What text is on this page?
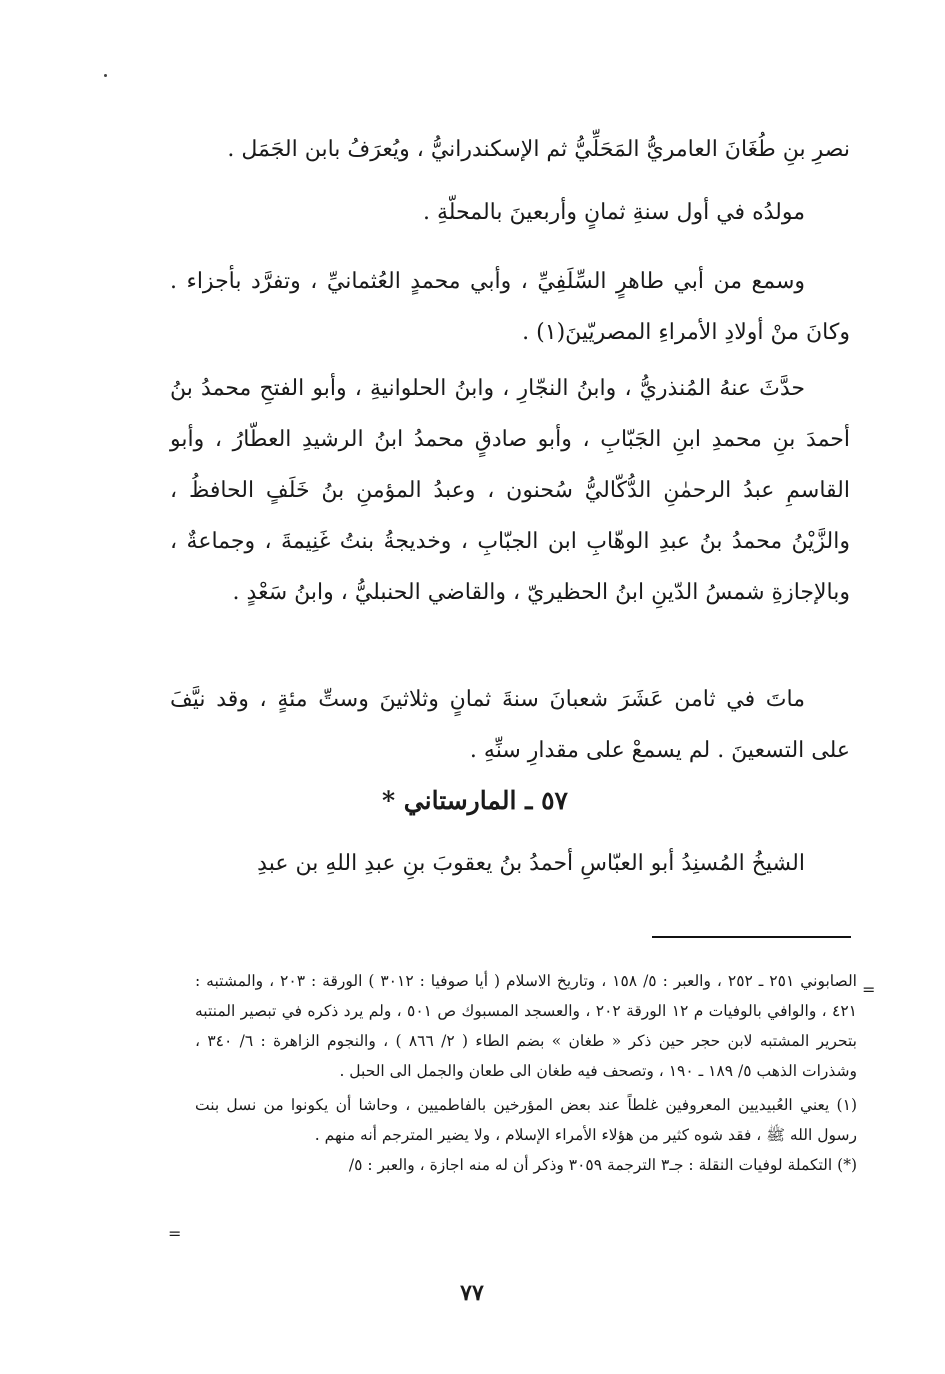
نصرِ بنِ طُغَانَ العامريُّ المَحَلِّيُّ ثم الإسكندرانيُّ ، ويُعرَفُ بابن الجَمَل .

مولدُه في أول سنةِ ثمانٍ وأربعينَ بالمحلّةِ .

وسمع من أبي طاهرٍ السِّلَفِيِّ ، وأبي محمدٍ العُثمانيِّ ، وتفرَّد بأجزاء . وكانَ منْ أولادِ الأمراءِ المصريّينَ(١) .

حدَّثَ عنهُ المُنذريُّ ، وابنُ النجّارِ ، وابنُ الحلوانيةِ ، وأبو الفتحِ محمدُ بنُ أحمدَ بنِ محمدِ ابنِ الجَبّابِ ، وأبو صادقٍ محمدُ ابنُ الرشيدِ العطّارُ ، وأبو القاسمِ عبدُ الرحمٰنِ الدُّكّاليُّ سُحنون ، وعبدُ المؤمنِ بنُ خَلَفٍ الحافظُ ، والزَّيْنُ محمدُ بنُ عبدِ الوهّابِ ابن الجبّابِ ، وخديجةُ بنتُ غَنِيمةَ ، وجماعةٌ ، وبالإجازةِ شمسُ الدّينِ ابنُ الحظيريّ ، والقاضي الحنبليُّ ، وابنُ سَعْدٍ .

ماتَ في ثامن عَشَرَ شعبانَ سنةَ ثمانٍ وثلاثينَ وستِّ مئةٍ ، وقد نيَّفَ على التسعينَ . لم يسمعْ على مقدارِ سنِّهِ .

الشيخُ المُسنِدُ أبو العبّاسِ أحمدُ بنُ يعقوبَ بنِ عبدِ اللهِ بن عبدِ

٥٧ ـ المارستاني *
=

الصابوني ٢٥١ ـ ٢٥٢ ، والعبر : ٥/ ١٥٨ ، وتاريخ الاسلام ( أيا صوفيا : ٣٠١٢ ) الورقة : ٢٠٣ ، والمشتبه : ٤٢١ ، والوافي بالوفيات م ١٢ الورقة ٢٠٢ ، والعسجد المسبوك ص ٥٠١ ، ولم يرد ذكره في تبصير المنتبه بتحرير المشتبه لابن حجر حين ذكر « طغان » بضم الطاء ( ٢/ ٨٦٦ ) ، والنجوم الزاهرة : ٦/ ٣٤٠ ، وشذرات الذهب ٥/ ١٨٩ ـ ١٩٠ ، وتصحف فيه طغان الى طعان والجمل الى الحبل .

(١) يعني العُبيديين المعروفين غلطاً عند بعض المؤرخين بالفاطميين ، وحاشا أن يكونوا من نسل بنت رسول الله ﷺ ، فقد شوه كثير من هؤلاء الأمراء الإسلام ، ولا يضير المترجم أنه منهم .

(*) التكملة لوفيات النقلة : جـ٣ الترجمة ٣٠٥٩ وذكر أن له منه اجازة ، والعبر : ٥/

=
٧٧
